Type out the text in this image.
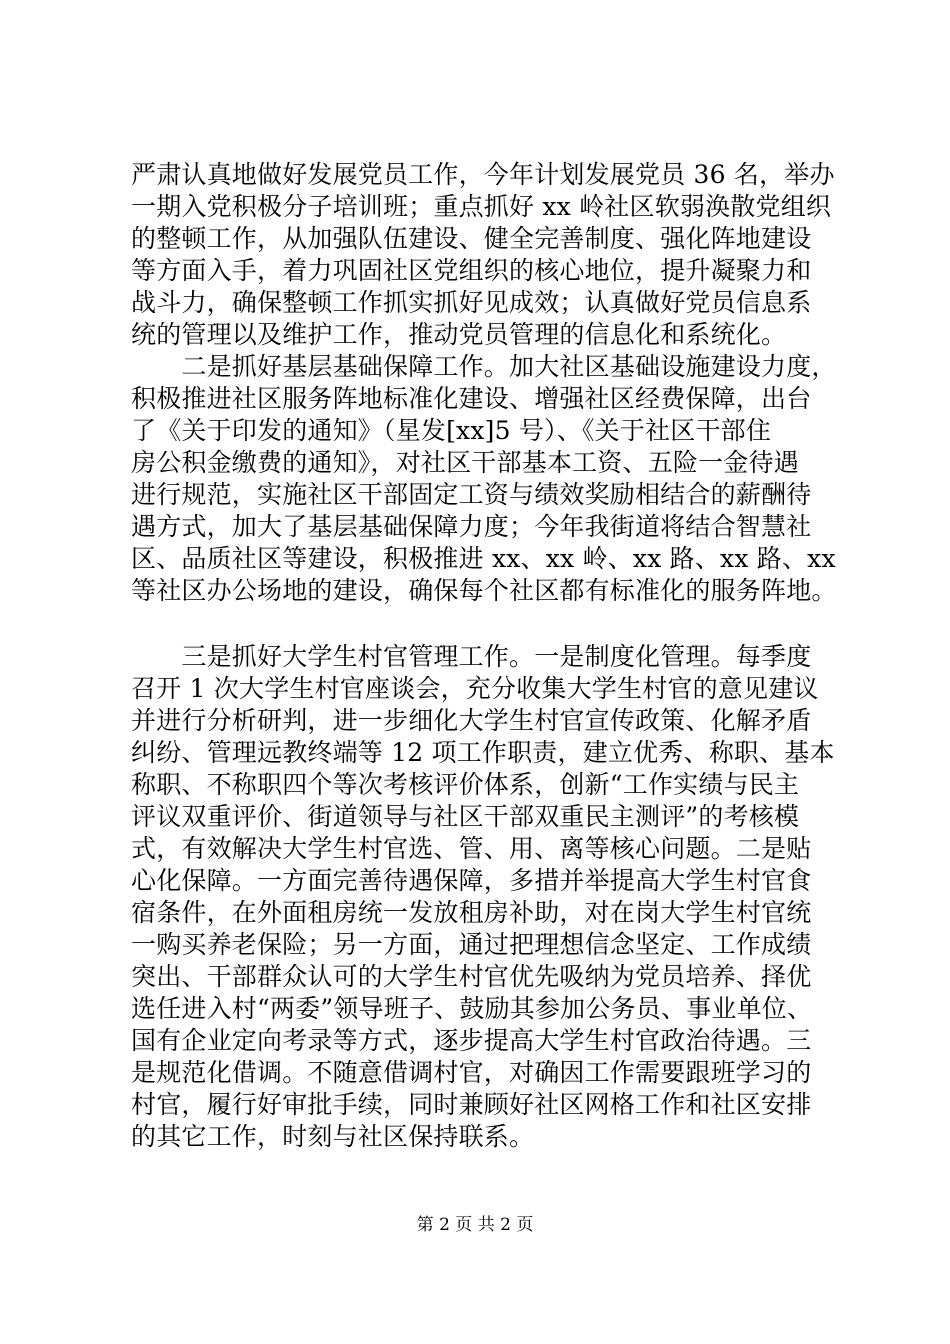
严肃认真地做好发展党员工作，今年计划发展党员 36 名，举办
一期入党积极分子培训班；重点抓好 xx 岭社区软弱涣散党组织
的整顿工作，从加强队伍建设、健全完善制度、强化阵地建设
等方面入手，着力巩固社区党组织的核心地位，提升凝聚力和
战斗力，确保整顿工作抓实抓好见成效；认真做好党员信息系
统的管理以及维护工作，推动党员管理的信息化和系统化。
　　二是抓好基层基础保障工作。加大社区基础设施建设力度，
积极推进社区服务阵地标准化建设、增强社区经费保障，出台
了《关于印发的通知》（星发[xx]5 号）、《关于社区干部住
房公积金缴费的通知》，对社区干部基本工资、五险一金待遇
进行规范，实施社区干部固定工资与绩效奖励相结合的薪酬待
遇方式，加大了基层基础保障力度；今年我街道将结合智慧社
区、品质社区等建设，积极推进 xx、xx 岭、xx 路、xx 路、xx
等社区办公场地的建设，确保每个社区都有标准化的服务阵地。
　　三是抓好大学生村官管理工作。一是制度化管理。每季度
召开 1 次大学生村官座谈会，充分收集大学生村官的意见建议
并进行分析研判，进一步细化大学生村官宣传政策、化解矛盾
纠纷、管理远教终端等 12 项工作职责，建立优秀、称职、基本
称职、不称职四个等次考核评价体系，创新“工作实绩与民主
评议双重评价、街道领导与社区干部双重民主测评”的考核模
式，有效解决大学生村官选、管、用、离等核心问题。二是贴
心化保障。一方面完善待遇保障，多措并举提高大学生村官食
宿条件，在外面租房统一发放租房补助，对在岗大学生村官统
一购买养老保险；另一方面，通过把理想信念坚定、工作成绩
突出、干部群众认可的大学生村官优先吸纳为党员培养、择优
选任进入村“两委”领导班子、鼓励其参加公务员、事业单位、
国有企业定向考录等方式，逐步提高大学生村官政治待遇。三
是规范化借调。不随意借调村官，对确因工作需要跟班学习的
村官，履行好审批手续，同时兼顾好社区网格工作和社区安排
的其它工作，时刻与社区保持联系。
第 2 页 共 2 页
